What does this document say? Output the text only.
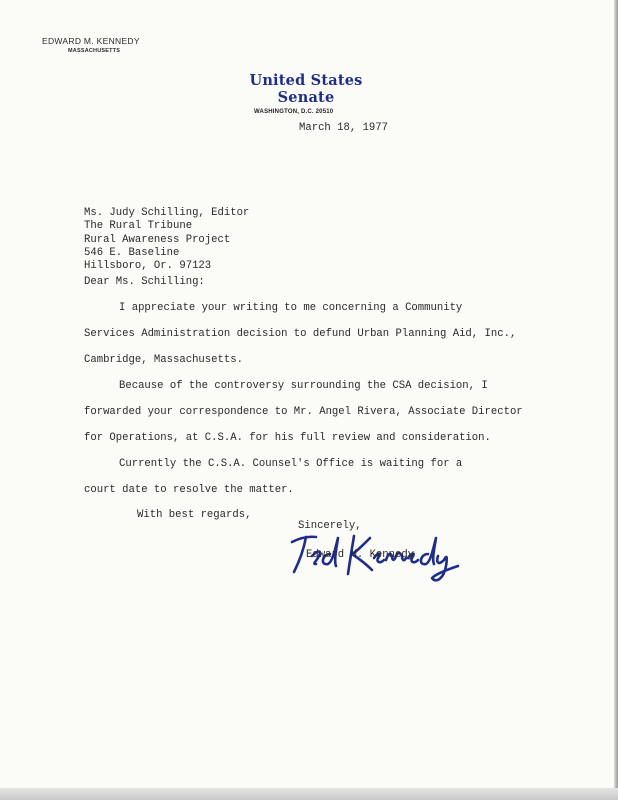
EDWARD M. KENNEDY
MASSACHUSETTS
United States Senate
WASHINGTON, D.C. 20510
March 18, 1977
Ms. Judy Schilling, Editor
The Rural Tribune
Rural Awareness Project
546 E. Baseline
Hillsboro, Or. 97123
Dear Ms. Schilling:
I appreciate your writing to me concerning a Community
Services Administration decision to defund Urban Planning Aid, Inc.,
Cambridge, Massachusetts.
Because of the controversy surrounding the CSA decision, I
forwarded your correspondence to Mr. Angel Rivera, Associate Director
for Operations, at C.S.A. for his full review and consideration.
Currently the C.S.A. Counsel's Office is waiting for a
court date to resolve the matter.
With best regards,
Sincerely,
Edward M. Kennedy
